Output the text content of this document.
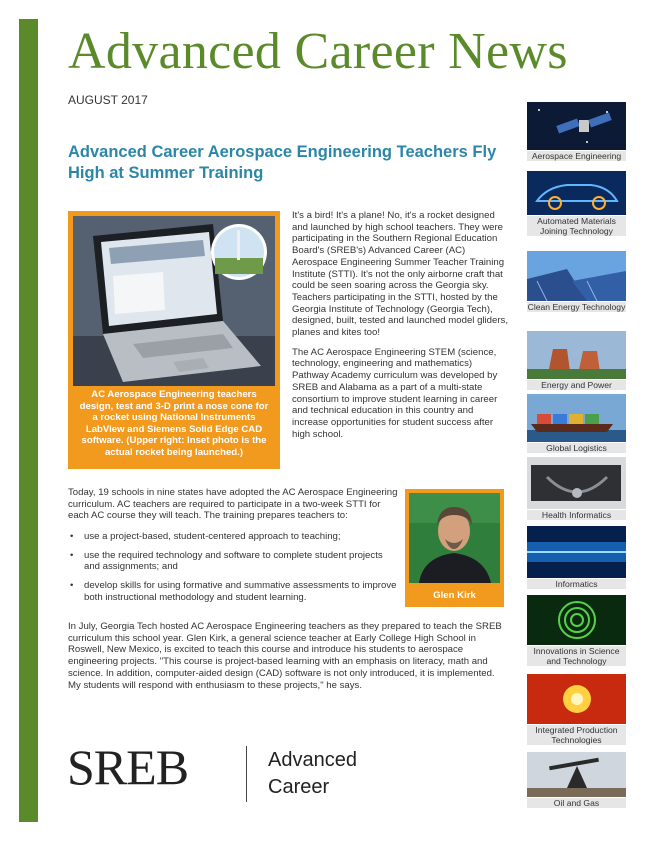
Advanced Career News
AUGUST 2017
Advanced Career Aerospace Engineering Teachers Fly High at Summer Training
AC Aerospace Engineering teachers design, test and 3-D print a nose cone for a rocket using National Instruments LabView and Siemens Solid Edge CAD software. (Upper right: Inset photo is the actual rocket being launched.)

It's a bird! It's a plane! No, it's a rocket designed and launched by high school teachers. They were participating in the Southern Regional Education Board's (SREB's) Advanced Career (AC) Aerospace Engineering Summer Teacher Training Institute (STTI). It's not the only airborne craft that could be seen soaring across the Georgia sky. Teachers participating in the STTI, hosted by the Georgia Institute of Technology (Georgia Tech), designed, built, tested and launched model gliders, planes and kites too!

The AC Aerospace Engineering STEM (science, technology, engineering and mathematics) Pathway Academy curriculum was developed by SREB and Alabama as a part of a multi-state consortium to improve student learning in career and technical education in this country and increase opportunities for student success after high school.

Today, 19 schools in nine states have adopted the AC Aerospace Engineering curriculum. AC teachers are required to participate in a two-week STTI for each AC course they will teach. The training prepares teachers to:
• use a project-based, student-centered approach to teaching;
• use the required technology and software to complete student projects and assignments; and
• develop skills for using formative and summative assessments to improve both instructional methodology and student learning.	Glen Kirk
In July, Georgia Tech hosted AC Aerospace Engineering teachers as they prepared to teach the SREB curriculum this school year. Glen Kirk, a general science teacher at Early College High School in Roswell, New Mexico, is excited to teach this course and introduce his students to aerospace engineering projects. "This course is project-based learning with an emphasis on literacy, math and science. In addition, computer-aided design (CAD) software is not only introduced, it is implemented. My students will respond with enthusiasm to these projects," he says.
SREB	Advanced
Career
Aerospace Engineering
Automated Materials Joining Technology
Clean Energy Technology
Energy and Power
Global Logistics
Health Informatics
Informatics
Innovations in Science and Technology
Integrated Production Technologies
Oil and Gas
